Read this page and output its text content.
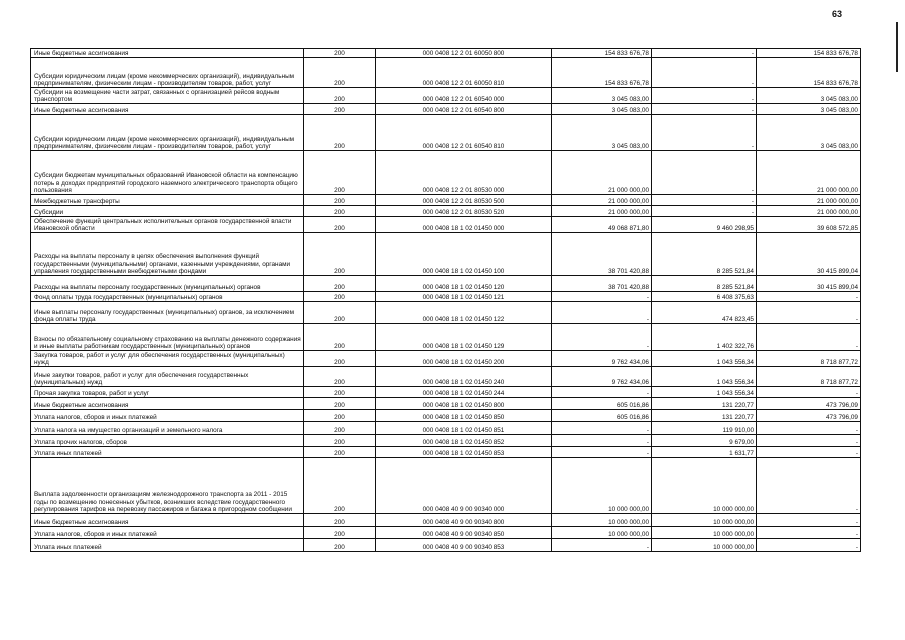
63
Иные бюджетные ассигнования	200	000 0408 12 2 01 60050 800	154 833 676,78	-	154 833 676,78
Субсидии юридическим лицам (кроме некоммерческих организаций), индивидуальным предпринимателям, физическим лицам - производителям товаров, работ, услуг	200	000 0408 12 2 01 60050 810	154 833 676,78	-	154 833 676,78
Субсидии на возмещение части затрат, связанных с организацией рейсов водным транспортом	200	000 0408 12 2 01 60540 000	3 045 083,00	-	3 045 083,00
Иные бюджетные ассигнования	200	000 0408 12 2 01 60540 800	3 045 083,00	-	3 045 083,00
Субсидии юридическим лицам (кроме некоммерческих организаций), индивидуальным предпринимателям, физическим лицам - производителям товаров, работ, услуг	200	000 0408 12 2 01 60540 810	3 045 083,00	-	3 045 083,00
Субсидии бюджетам муниципальных образований Ивановской области на компенсацию потерь в доходах предприятий городского наземного электрического транспорта общего пользования	200	000 0408 12 2 01 80530 000	21 000 000,00	-	21 000 000,00
Межбюджетные трансферты	200	000 0408 12 2 01 80530 500	21 000 000,00	-	21 000 000,00
Субсидии	200	000 0408 12 2 01 80530 520	21 000 000,00	-	21 000 000,00
Обеспечение функций центральных исполнительных органов государственной власти Ивановской области	200	000 0408 18 1 02 01450 000	49 068 871,80	9 460 298,95	39 608 572,85
Расходы на выплаты персоналу в целях обеспечения выполнения функций государственными (муниципальными) органами, казенными учреждениями, органами управления государственными внебюджетными фондами	200	000 0408 18 1 02 01450 100	38 701 420,88	8 285 521,84	30 415 899,04
Расходы на выплаты персоналу государственных (муниципальных) органов	200	000 0408 18 1 02 01450 120	38 701 420,88	8 285 521,84	30 415 899,04
Фонд оплаты труда государственных (муниципальных) органов	200	000 0408 18 1 02 01450 121	-	6 408 375,63	-
Иные выплаты персоналу государственных (муниципальных) органов, за исключением фонда оплаты труда	200	000 0408 18 1 02 01450 122	-	474 823,45	-
Взносы по обязательному социальному страхованию на выплаты денежного содержания и иные выплаты работникам государственных (муниципальных) органов	200	000 0408 18 1 02 01450 129	-	1 402 322,76	-
Закупка товаров, работ и услуг для обеспечения государственных (муниципальных) нужд	200	000 0408 18 1 02 01450 200	9 762 434,06	1 043 556,34	8 718 877,72
Иные закупки товаров, работ и услуг для обеспечения государственных (муниципальных) нужд	200	000 0408 18 1 02 01450 240	9 762 434,06	1 043 556,34	8 718 877,72
Прочая закупка товаров, работ и услуг	200	000 0408 18 1 02 01450 244	-	1 043 556,34	-
Иные бюджетные ассигнования	200	000 0408 18 1 02 01450 800	605 016,86	131 220,77	473 796,09
Уплата налогов, сборов и иных платежей	200	000 0408 18 1 02 01450 850	605 016,86	131 220,77	473 796,09
Уплата налога на имущество организаций и земельного налога	200	000 0408 18 1 02 01450 851	-	119 910,00	-
Уплата прочих налогов, сборов	200	000 0408 18 1 02 01450 852	-	9 679,00	-
Уплата иных платежей	200	000 0408 18 1 02 01450 853	-	1 631,77	-
Выплата задолженности организациям железнодорожного транспорта за 2011 - 2015 годы по возмещению понесенных убытков, возникших вследствие государственного регулирования тарифов на перевозку пассажиров и багажа в пригородном сообщении	200	000 0408 40 9 00 90340 000	10 000 000,00	10 000 000,00	-
Иные бюджетные ассигнования	200	000 0408 40 9 00 90340 800	10 000 000,00	10 000 000,00	-
Уплата налогов, сборов и иных платежей	200	000 0408 40 9 00 90340 850	10 000 000,00	10 000 000,00	-
Уплата иных платежей	200	000 0408 40 9 00 90340 853	-	10 000 000,00	-
